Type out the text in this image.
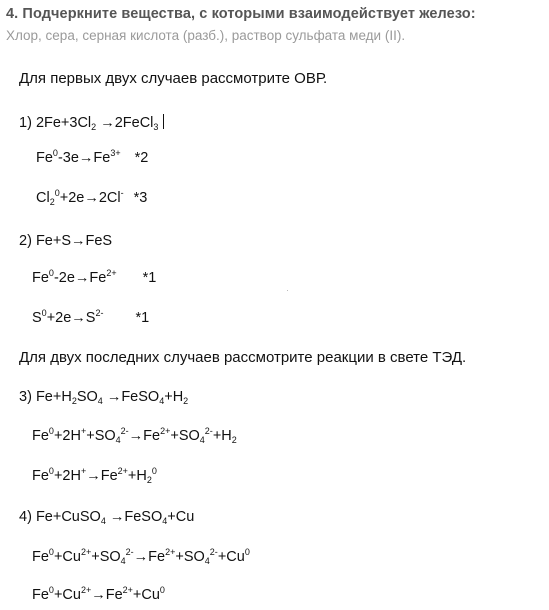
4. Подчеркните вещества, с которыми взаимодействует железо:
Хлор, сера, серная кислота (разб.), раствор сульфата меди (II).
Для первых двух случаев рассмотрите ОВР.
1) $2Fe+3Cl_2$ →2FeCl$_3$
$Fe^0-3e\to Fe^{3+}$ *2
$Cl_2^0+2e\to 2Cl^-$ *3
2) Fe+S→FeS
$Fe^0-2e\to Fe^{2+}$ *1
$S^0+2e\to S^{2-}$ *1
Для двух последних случаев рассмотрите реакции в свете ТЭД.
3) $Fe+H_2SO_4$ $\to FeSO_4+H_2$
$Fe^0+2H^++SO_4^{2-}\to Fe^{2+}+SO_4^{2-}+H_2$
$Fe^0+2H^+\to Fe^{2+}+H_2^0$
4) Fe+CuSO$_4$ →FeSO$_4$+Cu
$Fe^0+Cu^{2+}+SO_4^{2-}\to Fe^{2+}+SO_4^{2-}+Cu^0$
$Fe^0+Cu^{2+}\to Fe^{2+}+Cu^0$
